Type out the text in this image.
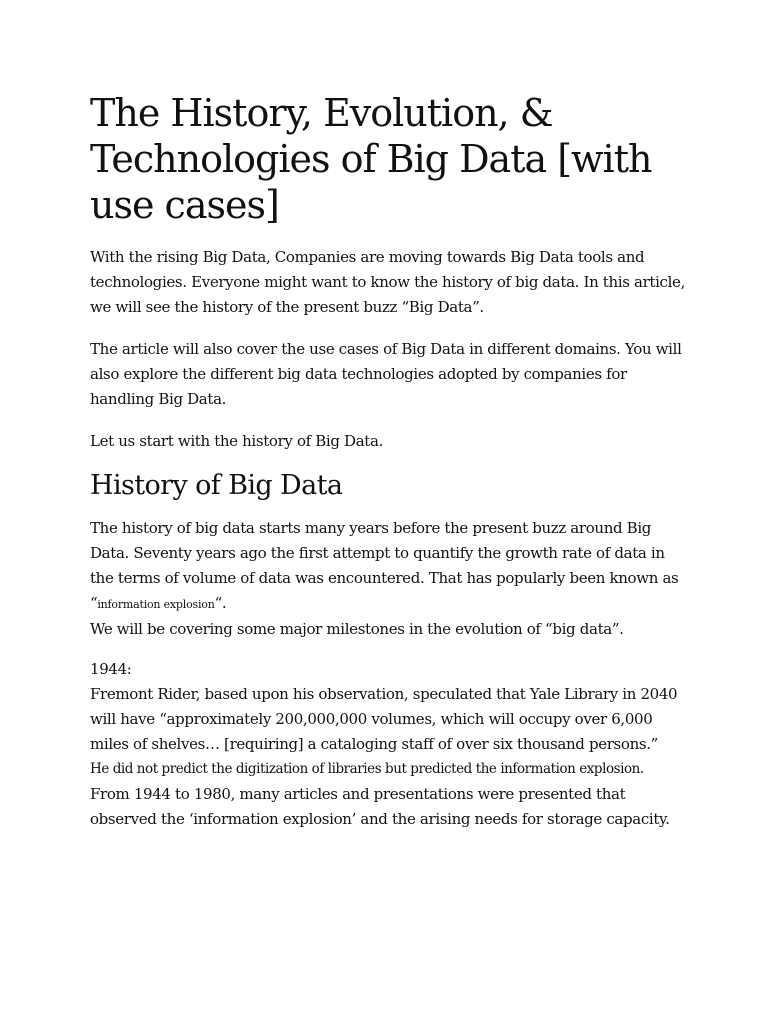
The History, Evolution, & Technologies of Big Data [with use cases]

With the rising Big Data, Companies are moving towards Big Data tools and technologies. Everyone might want to know the history of big data. In this article, we will see the history of the present buzz “Big Data”.

The article will also cover the use cases of Big Data in different domains. You will also explore the different big data technologies adopted by companies for handling Big Data.

Let us start with the history of Big Data.

History of Big Data

The history of big data starts many years before the present buzz around Big Data. Seventy years ago the first attempt to quantify the growth rate of data in the terms of volume of data was encountered. That has popularly been known as “information explosion“.

We will be covering some major milestones in the evolution of “big data”.

1944:

Fremont Rider, based upon his observation, speculated that Yale Library in 2040 will have “approximately 200,000,000 volumes, which will occupy over 6,000 miles of shelves… [requiring] a cataloging staff of over six thousand persons.”

He did not predict the digitization of libraries but predicted the information explosion.

From 1944 to 1980, many articles and presentations were presented that observed the ‘information explosion’ and the arising needs for storage capacity.
